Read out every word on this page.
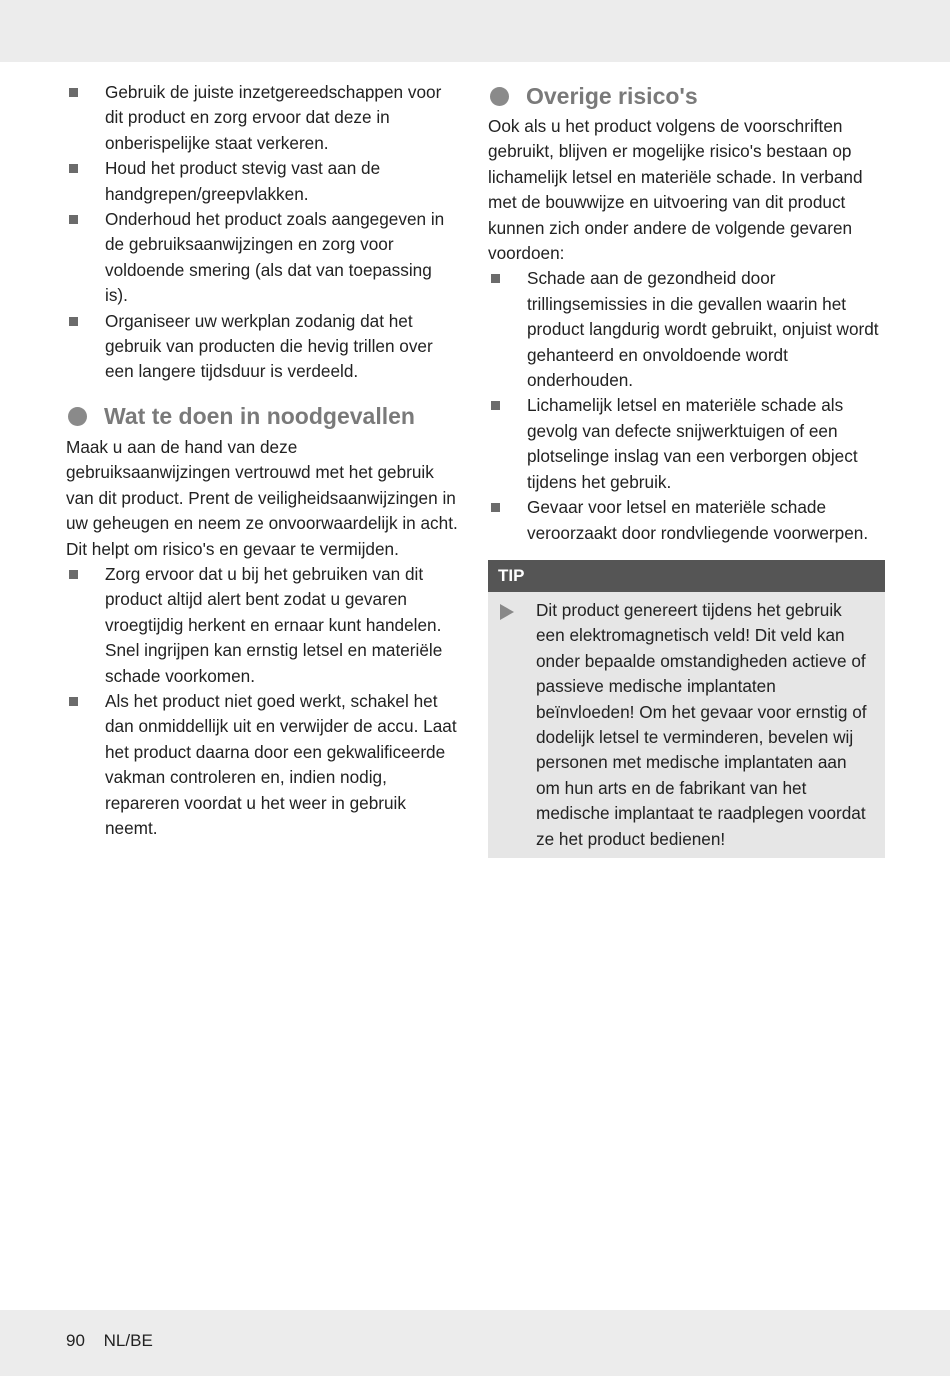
Gebruik de juiste inzetgereedschappen voor dit product en zorg ervoor dat deze in onberispelijke staat verkeren.
Houd het product stevig vast aan de handgrepen/greepvlakken.
Onderhoud het product zoals aangegeven in de gebruiksaanwijzingen en zorg voor voldoende smering (als dat van toepassing is).
Organiseer uw werkplan zodanig dat het gebruik van producten die hevig trillen over een langere tijdsduur is verdeeld.
Wat te doen in noodgevallen

Maak u aan de hand van deze gebruiksaanwijzingen vertrouwd met het gebruik van dit product. Prent de veiligheidsaanwijzingen in uw geheugen en neem ze onvoorwaardelijk in acht. Dit helpt om risico's en gevaar te vermijden.

Zorg ervoor dat u bij het gebruiken van dit product altijd alert bent zodat u gevaren vroegtijdig herkent en ernaar kunt handelen. Snel ingrijpen kan ernstig letsel en materiële schade voorkomen.
Als het product niet goed werkt, schakel het dan onmiddellijk uit en verwijder de accu. Laat het product daarna door een gekwalificeerde vakman controleren en, indien nodig, repareren voordat u het weer in gebruik neemt.
Overige risico's

Ook als u het product volgens de voorschriften gebruikt, blijven er mogelijke risico's bestaan op lichamelijk letsel en materiële schade. In verband met de bouwwijze en uitvoering van dit product kunnen zich onder andere de volgende gevaren voordoen:

Schade aan de gezondheid door trillingsemissies in die gevallen waarin het product langdurig wordt gebruikt, onjuist wordt gehanteerd en onvoldoende wordt onderhouden.
Lichamelijk letsel en materiële schade als gevolg van defecte snijwerktuigen of een plotselinge inslag van een verborgen object tijdens het gebruik.
Gevaar voor letsel en materiële schade veroorzaakt door rondvliegende voorwerpen.
TIP

Dit product genereert tijdens het gebruik een elektromagnetisch veld! Dit veld kan onder bepaalde omstandigheden actieve of passieve medische implantaten beïnvloeden! Om het gevaar voor ernstig of dodelijk letsel te verminderen, bevelen wij personen met medische implantaten aan om hun arts en de fabrikant van het medische implantaat te raadplegen voordat ze het product bedienen!

90 NL/BE
